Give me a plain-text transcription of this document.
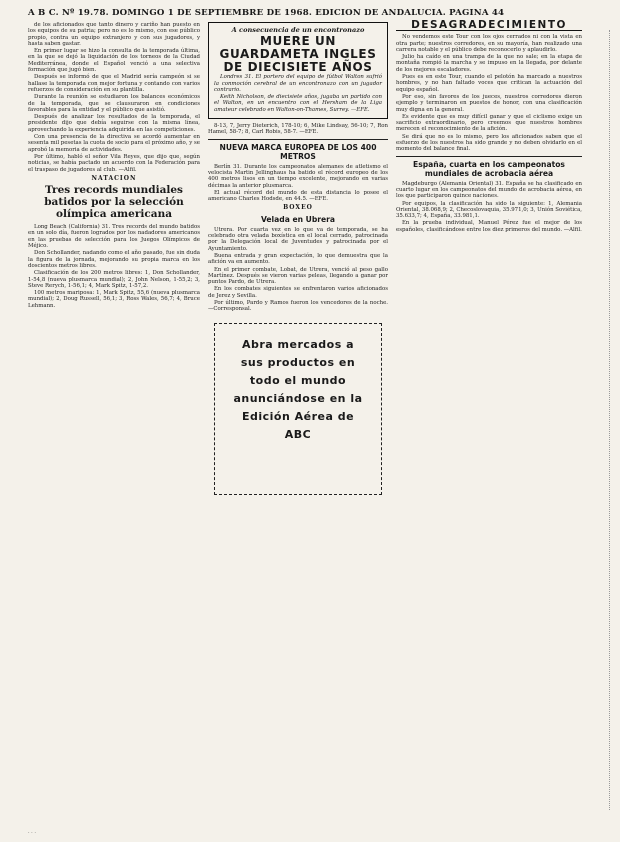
A B C. Nº 19.78. DOMINGO 1 DE SEPTIEMBRE DE 1968. EDICION DE ANDALUCIA. PAGINA 44

de los aficionados que tanto dinero y cariño han puesto en los equipos de su patria; pero no es lo mismo, con ese público propio, contra un equipo extranjero y con sus jugadores, y hasta saben gastar.

En primer lugar se hizo la consulta de la temporada última, en la que se dejó la liquidación de los torneos de la Ciudad Mediterránea, donde el Español venció a una selectiva formación que jugó bien.

Después se informó de que el Madrid sería campeón si se hallase la temporada con mejor fortuna y contando con varios refuerzos de consideración en su plantilla.

Durante la reunión se estudiaron los balances económicos de la temporada, que se clausuraron en condiciones favorables para la entidad y el público que asistió.

Después de analizar los resultados de la temporada, el presidente dijo que debía seguirse con la misma línea, aprovechando la experiencia adquirida en las competiciones.

Con una presencia de la directiva se acordó aumentar en sesenta mil pesetas la cuota de socio para el próximo año, y se aprobó la memoria de actividades.

Por último, habló el señor Vila Reyes, que dijo que, según noticias, se había pactado un acuerdo con la Federación para el traspaso de jugadores al club. —Alfil.

NATACION
Tres records mundiales batidos por la selección olímpica americana

Long Beach (California) 31. Tres records del mundo batidos en un solo día, fueron logrados por los nadadores americanos en las pruebas de selección para los Juegos Olímpicos de Méjico.

Don Schollander, nadando como el año pasado, fue sin duda la figura de la jornada, mejorando su propia marca en los doscientos metros libres.

Clasificación de los 200 metros libres: 1, Don Schollander, 1-54,8 (nueva plusmarca mundial); 2, John Nelson, 1-55,2; 3, Steve Rerych, 1-56,1; 4, Mark Spitz, 1-57,2.

100 metros mariposa: 1, Mark Spitz, 55,6 (nueva plusmarca mundial); 2, Doug Russell, 56,1; 3, Ross Wales, 56,7; 4, Bruce Lehmann.

A consecuencia de un encontronazo
MUERE UN GUARDAMETA INGLES DE DIECISIETE AÑOS

Londres 31. El portero del equipo de fútbol Walton sufrió la conmoción cerebral de un encontronazo con un jugador contrario.

Keith Nicholson, de diecisiete años, jugaba un partido con el Walton, en un encuentro con el Hersham de la Liga amateur celebrado en Walton-on-Thames, Surrey. —EFE.

8-13, 7, Jerry Dieterich, 178-10; 6, Mike Lindsay, 56-10; 7, Ron Hamel, 58-7; 8, Carl Robis, 58-7. —EFE.

NUEVA MARCA EUROPEA DE LOS 400 METROS

Berlín 31. Durante los campeonatos alemanes de atletismo el velocista Martin Jellinghaus ha batido el récord europeo de los 400 metros lisos en un tiempo excelente, mejorando en varias décimas la anterior plusmarca.

El actual récord del mundo de esta distancia lo posee el americano Charles Hodsde, en 44.5. —EFE.

BOXEO
Velada en Ubrera

Utrera. Por cuarta vez en lo que va de temporada, se ha celebrado otra velada boxística en el local cerrado, patrocinada por la Delegación local de Juventudes y patrocinada por el Ayuntamiento.

Buena entrada y gran expectación, lo que demuestra que la afición va en aumento.

En el primer combate, Lobat, de Utrera, venció al peso gallo Martínez. Después se vieron varias peleas, llegando a ganar por puntos Pardo, de Utrera.

En los combates siguientes se enfrentaron varios aficionados de Jerez y Sevilla.

Por último, Pardo y Ramos fueron los vencedores de la noche. —Corresponsal.

Abra mercados a
sus productos en
todo el mundo
anunciándose en la
Edición Aérea de
ABC
DESAGRADECIMIENTO

No vendemos este Tour con los ojos cerrados ni con la vista en otra parte; nuestros corredores, en su mayoría, han realizado una carrera notable y el público debe reconocerlo y aplaudirlo.

Julio ha caído en una trampa de la que no sale; en la etapa de montaña rompió la marcha y se impuso en la llegada, por delante de los mejores escaladores.

Pues es en este Tour, cuando el pelotón ha marcado a nuestros hombres, y no han faltado voces que critican la actuación del equipo español.

Por eso, sin favores de los jueces, nuestros corredores dieron ejemplo y terminaron en puestos de honor, con una clasificación muy digna en la general.

Es evidente que es muy difícil ganar y que el ciclismo exige un sacrificio extraordinario, pero creemos que nuestros hombres merecen el reconocimiento de la afición.

Se dirá que no es lo mismo, pero los aficionados saben que el esfuerzo de los nuestros ha sido grande y no deben olvidarlo en el momento del balance final.

España, cuarta en los campeonatos mundiales de acrobacia aérea

Magdeburgo (Alemania Oriental) 31. España se ha clasificado en cuarto lugar en los campeonatos del mundo de acrobacia aérea, en los que participaron quince naciones.

Por equipos, la clasificación ha sido la siguiente: 1, Alemania Oriental, 38.068,9; 2, Checoslovaquia, 35.971,0; 3, Unión Soviética, 35.633,7; 4, España, 33.981,1.

En la prueba individual, Manuel Pérez fue el mejor de los españoles, clasificándose entre los diez primeros del mundo. —Alfil.

· · ·
